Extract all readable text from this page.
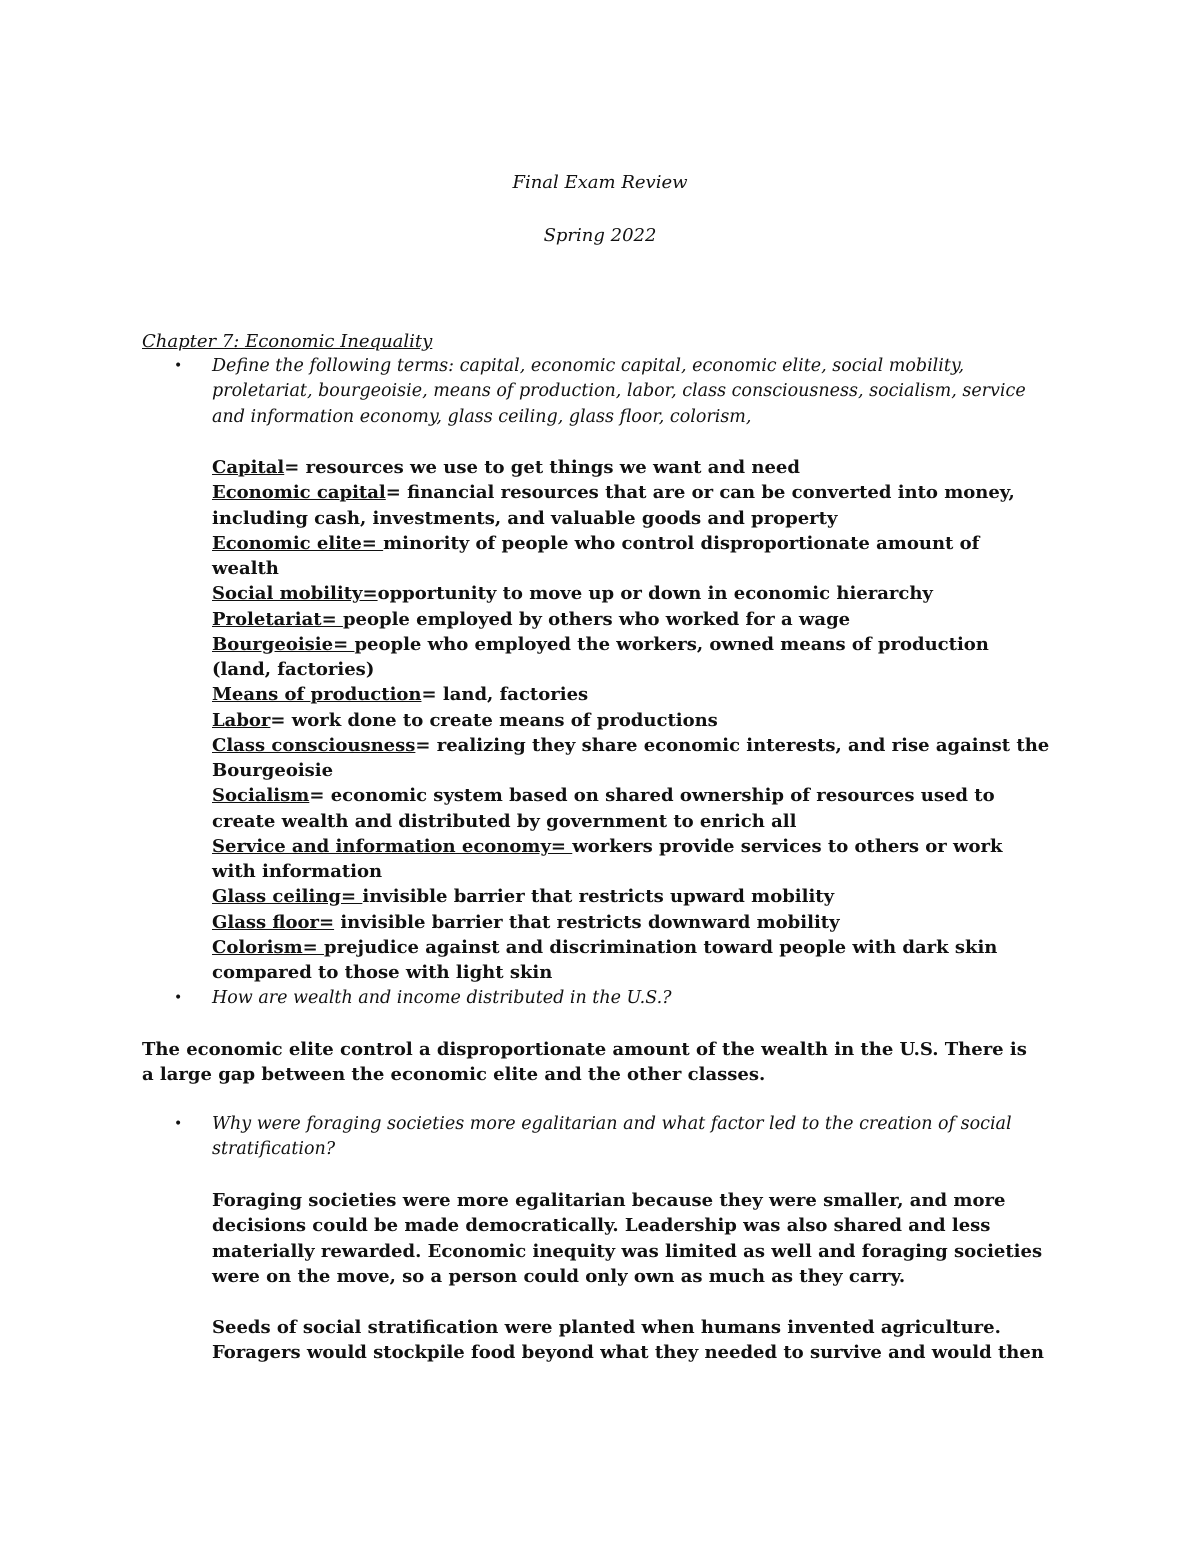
Final Exam Review
Spring 2022
Chapter 7: Economic Inequality
• Define the following terms: capital, economic capital, economic elite, social mobility, proletariat, bourgeoisie, means of production, labor, class consciousness, socialism, service and information economy, glass ceiling, glass floor, colorism,
Capital= resources we use to get things we want and need
Economic capital= financial resources that are or can be converted into money, including cash, investments, and valuable goods and property
Economic elite= minority of people who control disproportionate amount of wealth
Social mobility=opportunity to move up or down in economic hierarchy
Proletariat= people employed by others who worked for a wage
Bourgeoisie= people who employed the workers, owned means of production (land, factories)
Means of production= land, factories
Labor= work done to create means of productions
Class consciousness= realizing they share economic interests, and rise against the Bourgeoisie
Socialism= economic system based on shared ownership of resources used to create wealth and distributed by government to enrich all
Service and information economy= workers provide services to others or work with information
Glass ceiling= invisible barrier that restricts upward mobility
Glass floor= invisible barrier that restricts downward mobility
Colorism= prejudice against and discrimination toward people with dark skin compared to those with light skin
• How are wealth and income distributed in the U.S.?
The economic elite control a disproportionate amount of the wealth in the U.S. There is a large gap between the economic elite and the other classes.
• Why were foraging societies more egalitarian and what factor led to the creation of social stratification?
Foraging societies were more egalitarian because they were smaller, and more decisions could be made democratically. Leadership was also shared and less materially rewarded. Economic inequity was limited as well and foraging societies were on the move, so a person could only own as much as they carry.
Seeds of social stratification were planted when humans invented agriculture. Foragers would stockpile food beyond what they needed to survive and would then
